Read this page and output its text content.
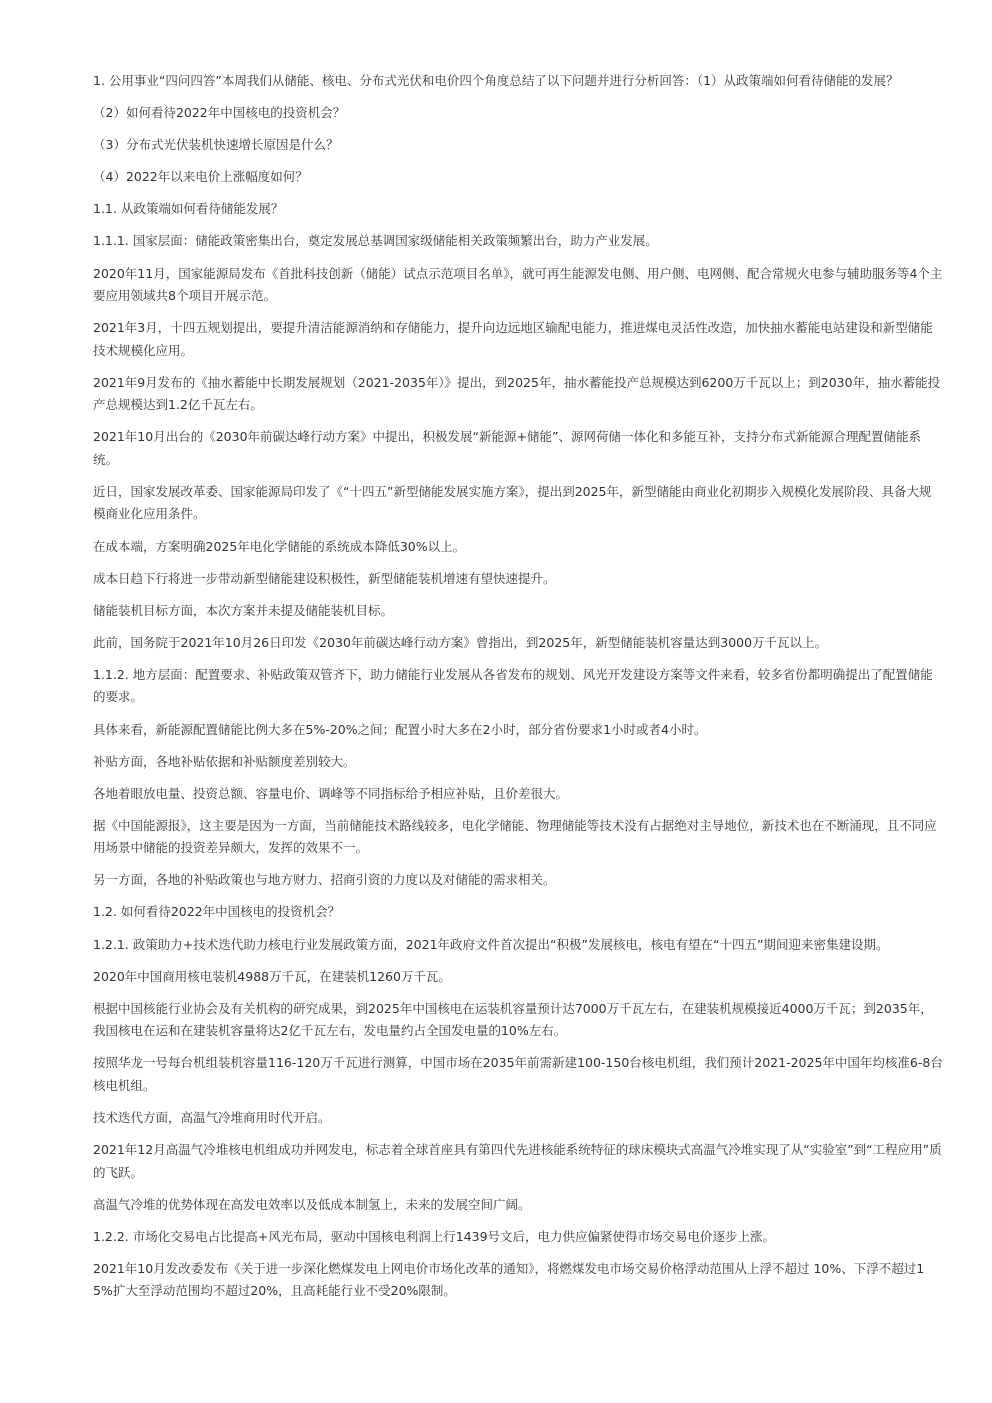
1. 公用事业“四问四答”本周我们从储能、核电、分布式光伏和电价四个角度总结了以下问题并进行分析回答：（1）从政策端如何看待储能的发展？

（2）如何看待2022年中国核电的投资机会？

（3）分布式光伏装机快速增长原因是什么？

（4）2022年以来电价上涨幅度如何？

1.1. 从政策端如何看待储能发展？

1.1.1. 国家层面：储能政策密集出台，奠定发展总基调国家级储能相关政策频繁出台，助力产业发展。

2020年11月，国家能源局发布《首批科技创新（储能）试点示范项目名单》，就可再生能源发电侧、用户侧、电网侧、配合常规火电参与辅助服务等4个主要应用领域共8个项目开展示范。

2021年3月，十四五规划提出，要提升清洁能源消纳和存储能力，提升向边远地区输配电能力，推进煤电灵活性改造，加快抽水蓄能电站建设和新型储能技术规模化应用。

2021年9月发布的《抽水蓄能中长期发展规划（2021-2035年）》提出，到2025年，抽水蓄能投产总规模达到6200万千瓦以上；到2030年，抽水蓄能投产总规模达到1.2亿千瓦左右。

2021年10月出台的《2030年前碳达峰行动方案》中提出，积极发展“新能源+储能”、源网荷储一体化和多能互补，支持分布式新能源合理配置储能系统。

近日，国家发展改革委、国家能源局印发了《“十四五”新型储能发展实施方案》，提出到2025年，新型储能由商业化初期步入规模化发展阶段、具备大规模商业化应用条件。

在成本端，方案明确2025年电化学储能的系统成本降低30%以上。

成本日趋下行将进一步带动新型储能建设积极性，新型储能装机增速有望快速提升。

储能装机目标方面，本次方案并未提及储能装机目标。

此前，国务院于2021年10月26日印发《2030年前碳达峰行动方案》曾指出，到2025年，新型储能装机容量达到3000万千瓦以上。

1.1.2. 地方层面：配置要求、补贴政策双管齐下，助力储能行业发展从各省发布的规划、风光开发建设方案等文件来看，较多省份都明确提出了配置储能的要求。

具体来看，新能源配置储能比例大多在5%-20%之间；配置小时大多在2小时，部分省份要求1小时或者4小时。

补贴方面，各地补贴依据和补贴额度差别较大。

各地着眼放电量、投资总额、容量电价、调峰等不同指标给予相应补贴，且价差很大。

据《中国能源报》，这主要是因为一方面，当前储能技术路线较多，电化学储能、物理储能等技术没有占据绝对主导地位，新技术也在不断涌现，且不同应用场景中储能的投资差异颇大，发挥的效果不一。

另一方面，各地的补贴政策也与地方财力、招商引资的力度以及对储能的需求相关。

1.2. 如何看待2022年中国核电的投资机会？

1.2.1. 政策助力+技术迭代助力核电行业发展政策方面，2021年政府文件首次提出“积极”发展核电，核电有望在“十四五”期间迎来密集建设期。

2020年中国商用核电装机4988万千瓦，在建装机1260万千瓦。

根据中国核能行业协会及有关机构的研究成果，到2025年中国核电在运装机容量预计达7000万千瓦左右，在建装机规模接近4000万千瓦；到2035年，我国核电在运和在建装机容量将达2亿千瓦左右，发电量约占全国发电量的10%左右。

按照华龙一号每台机组装机容量116-120万千瓦进行测算，中国市场在2035年前需新建100-150台核电机组，我们预计2021-2025年中国年均核准6-8台核电机组。

技术迭代方面，高温气冷堆商用时代开启。

2021年12月高温气冷堆核电机组成功并网发电，标志着全球首座具有第四代先进核能系统特征的球床模块式高温气冷堆实现了从“实验室”到“工程应用”质的飞跃。

高温气冷堆的优势体现在高发电效率以及低成本制氢上，未来的发展空间广阔。

1.2.2. 市场化交易电占比提高+风光布局，驱动中国核电利润上行1439号文后，电力供应偏紧使得市场交易电价逐步上涨。

2021年10月发改委发布《关于进一步深化燃煤发电上网电价市场化改革的通知》，将燃煤发电市场交易价格浮动范围从上浮不超过 10%、下浮不超过15%扩大至浮动范围均不超过20%，且高耗能行业不受20%限制。
